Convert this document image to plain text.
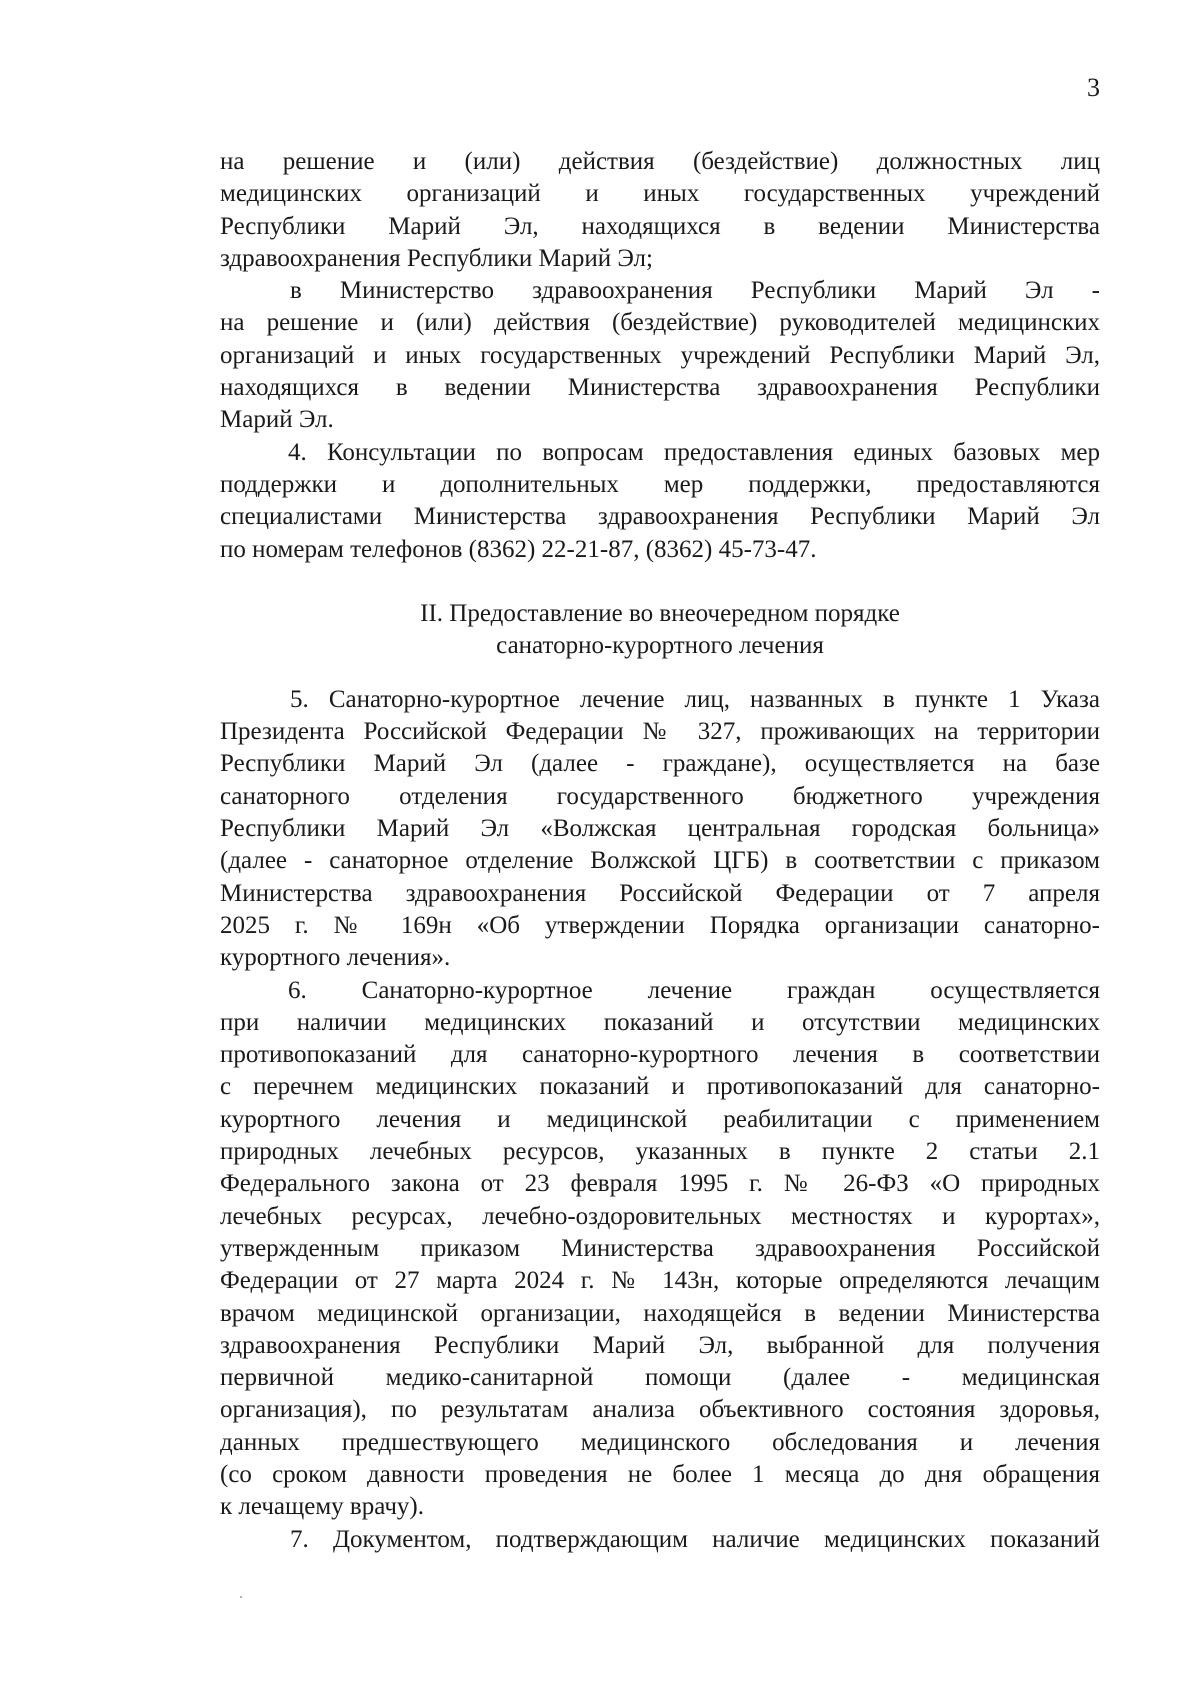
3

на решение и (или) действия (бездействие) должностных лиц

медицинских организаций и иных государственных учреждений

Республики Марий Эл, находящихся в ведении Министерства

здравоохранения Республики Марий Эл;

в Министерство здравоохранения Республики Марий Эл -

на решение и (или) действия (бездействие) руководителей медицинских

организаций и иных государственных учреждений Республики Марий Эл,

находящихся в ведении Министерства здравоохранения Республики

Марий Эл.

4. Консультации по вопросам предоставления единых базовых мер

поддержки и дополнительных мер поддержки, предоставляются

специалистами Министерства здравоохранения Республики Марий Эл

по номерам телефонов (8362) 22-21-87, (8362) 45-73-47.

II. Предоставление во внеочередном порядке
санаторно-курортного лечения

5. Санаторно-курортное лечение лиц, названных в пункте 1 Указа

Президента Российской Федерации № 327, проживающих на территории

Республики Марий Эл (далее - граждане), осуществляется на базе

санаторного отделения государственного бюджетного учреждения

Республики Марий Эл «Волжская центральная городская больница»

(далее - санаторное отделение Волжской ЦГБ) в соответствии с приказом

Министерства здравоохранения Российской Федерации от 7 апреля

2025 г. № 169н «Об утверждении Порядка организации санаторно-

курортного лечения».

6. Санаторно-курортное лечение граждан осуществляется

при наличии медицинских показаний и отсутствии медицинских

противопоказаний для санаторно-курортного лечения в соответствии

с перечнем медицинских показаний и противопоказаний для санаторно-

курортного лечения и медицинской реабилитации с применением

природных лечебных ресурсов, указанных в пункте 2 статьи 2.1

Федерального закона от 23 февраля 1995 г. № 26-ФЗ «О природных

лечебных ресурсах, лечебно-оздоровительных местностях и курортах»,

утвержденным приказом Министерства здравоохранения Российской

Федерации от 27 марта 2024 г. № 143н, которые определяются лечащим

врачом медицинской организации, находящейся в ведении Министерства

здравоохранения Республики Марий Эл, выбранной для получения

первичной медико-санитарной помощи (далее - медицинская

организация), по результатам анализа объективного состояния здоровья,

данных предшествующего медицинского обследования и лечения

(со сроком давности проведения не более 1 месяца до дня обращения

к лечащему врачу).

7. Документом, подтверждающим наличие медицинских показаний
